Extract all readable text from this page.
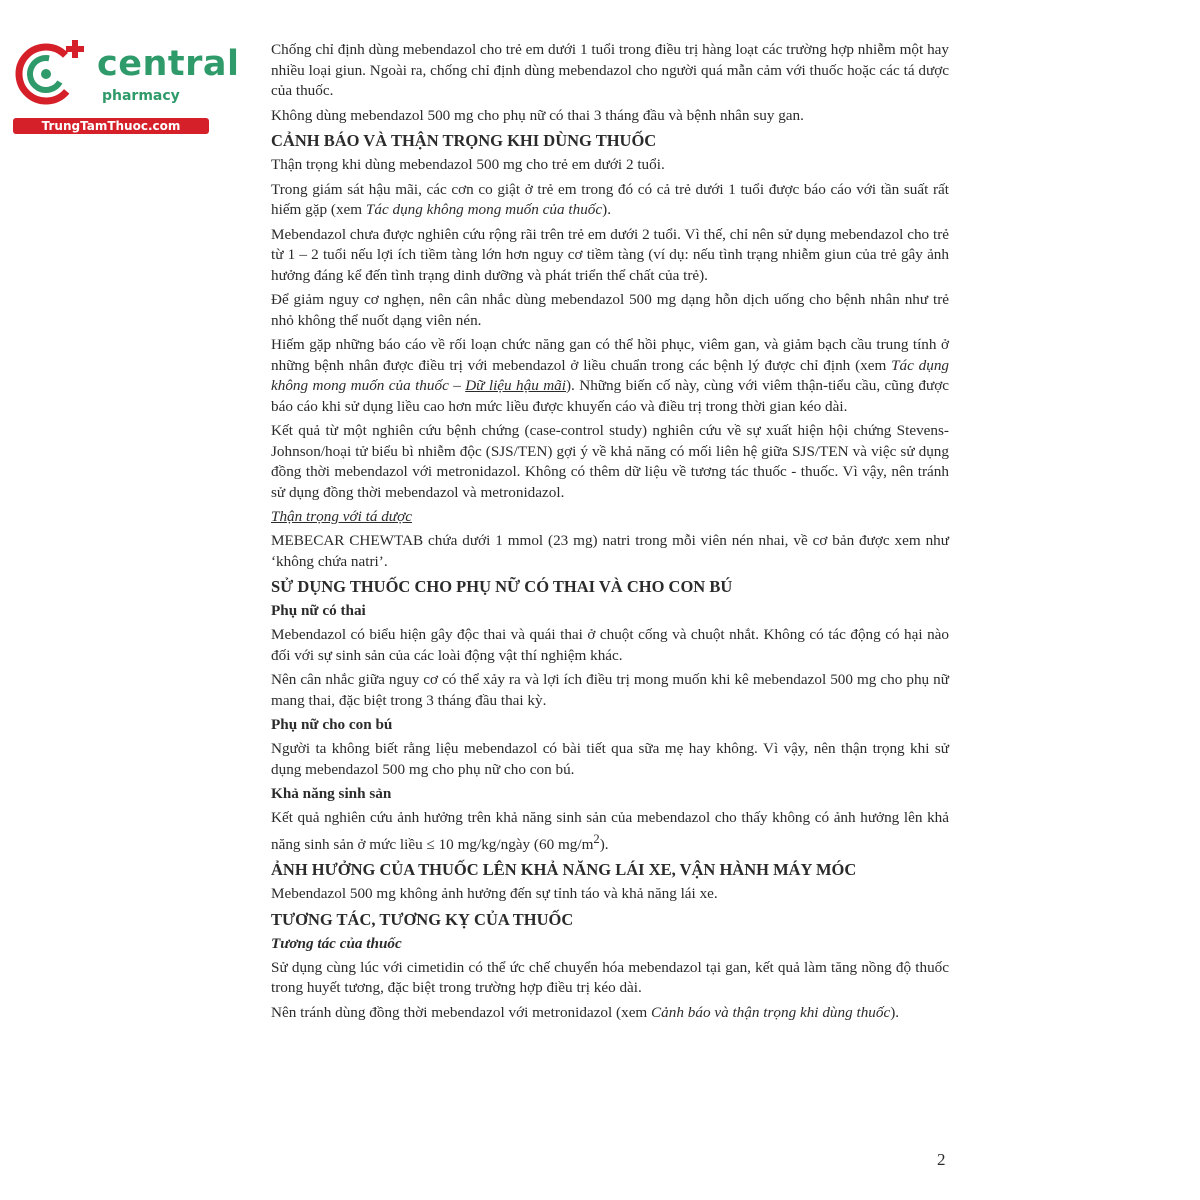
central
pharmacy
TrungTamThuoc.com

Chống chỉ định dùng mebendazol cho trẻ em dưới 1 tuổi trong điều trị hàng loạt các trường hợp nhiễm một hay nhiều loại giun. Ngoài ra, chống chỉ định dùng mebendazol cho người quá mẫn cảm với thuốc hoặc các tá dược của thuốc.

Không dùng mebendazol 500 mg cho phụ nữ có thai 3 tháng đầu và bệnh nhân suy gan.

CẢNH BÁO VÀ THẬN TRỌNG KHI DÙNG THUỐC

Thận trọng khi dùng mebendazol 500 mg cho trẻ em dưới 2 tuổi.

Trong giám sát hậu mãi, các cơn co giật ở trẻ em trong đó có cả trẻ dưới 1 tuổi được báo cáo với tần suất rất hiếm gặp (xem Tác dụng không mong muốn của thuốc).

Mebendazol chưa được nghiên cứu rộng rãi trên trẻ em dưới 2 tuổi. Vì thế, chỉ nên sử dụng mebendazol cho trẻ từ 1 – 2 tuổi nếu lợi ích tiềm tàng lớn hơn nguy cơ tiềm tàng (ví dụ: nếu tình trạng nhiễm giun của trẻ gây ảnh hưởng đáng kể đến tình trạng dinh dưỡng và phát triển thể chất của trẻ).

Để giảm nguy cơ nghẹn, nên cân nhắc dùng mebendazol 500 mg dạng hỗn dịch uống cho bệnh nhân như trẻ nhỏ không thể nuốt dạng viên nén.

Hiếm gặp những báo cáo về rối loạn chức năng gan có thể hồi phục, viêm gan, và giảm bạch cầu trung tính ở những bệnh nhân được điều trị với mebendazol ở liều chuẩn trong các bệnh lý được chỉ định (xem Tác dụng không mong muốn của thuốc – Dữ liệu hậu mãi). Những biến cố này, cùng với viêm thận-tiểu cầu, cũng được báo cáo khi sử dụng liều cao hơn mức liều được khuyến cáo và điều trị trong thời gian kéo dài.

Kết quả từ một nghiên cứu bệnh chứng (case-control study) nghiên cứu về sự xuất hiện hội chứng Stevens-Johnson/hoại tử biểu bì nhiễm độc (SJS/TEN) gợi ý về khả năng có mối liên hệ giữa SJS/TEN và việc sử dụng đồng thời mebendazol với metronidazol. Không có thêm dữ liệu về tương tác thuốc - thuốc. Vì vậy, nên tránh sử dụng đồng thời mebendazol và metronidazol.

Thận trọng với tá dược

MEBECAR CHEWTAB chứa dưới 1 mmol (23 mg) natri trong mỗi viên nén nhai, về cơ bản được xem như ‘không chứa natri’.

SỬ DỤNG THUỐC CHO PHỤ NỮ CÓ THAI VÀ CHO CON BÚ
Phụ nữ có thai

Mebendazol có biểu hiện gây độc thai và quái thai ở chuột cống và chuột nhắt. Không có tác động có hại nào đối với sự sinh sản của các loài động vật thí nghiệm khác.

Nên cân nhắc giữa nguy cơ có thể xảy ra và lợi ích điều trị mong muốn khi kê mebendazol 500 mg cho phụ nữ mang thai, đặc biệt trong 3 tháng đầu thai kỳ.

Phụ nữ cho con bú

Người ta không biết rằng liệu mebendazol có bài tiết qua sữa mẹ hay không. Vì vậy, nên thận trọng khi sử dụng mebendazol 500 mg cho phụ nữ cho con bú.

Khả năng sinh sản

Kết quả nghiên cứu ảnh hưởng trên khả năng sinh sản của mebendazol cho thấy không có ảnh hưởng lên khả năng sinh sản ở mức liều ≤ 10 mg/kg/ngày (60 $mg/m^2$).

ẢNH HƯỞNG CỦA THUỐC LÊN KHẢ NĂNG LÁI XE, VẬN HÀNH MÁY MÓC

Mebendazol 500 mg không ảnh hưởng đến sự tỉnh táo và khả năng lái xe.

TƯƠNG TÁC, TƯƠNG KỴ CỦA THUỐC
Tương tác của thuốc

Sử dụng cùng lúc với cimetidin có thể ức chế chuyển hóa mebendazol tại gan, kết quả làm tăng nồng độ thuốc trong huyết tương, đặc biệt trong trường hợp điều trị kéo dài.

Nên tránh dùng đồng thời mebendazol với metronidazol (xem Cảnh báo và thận trọng khi dùng thuốc).

2
